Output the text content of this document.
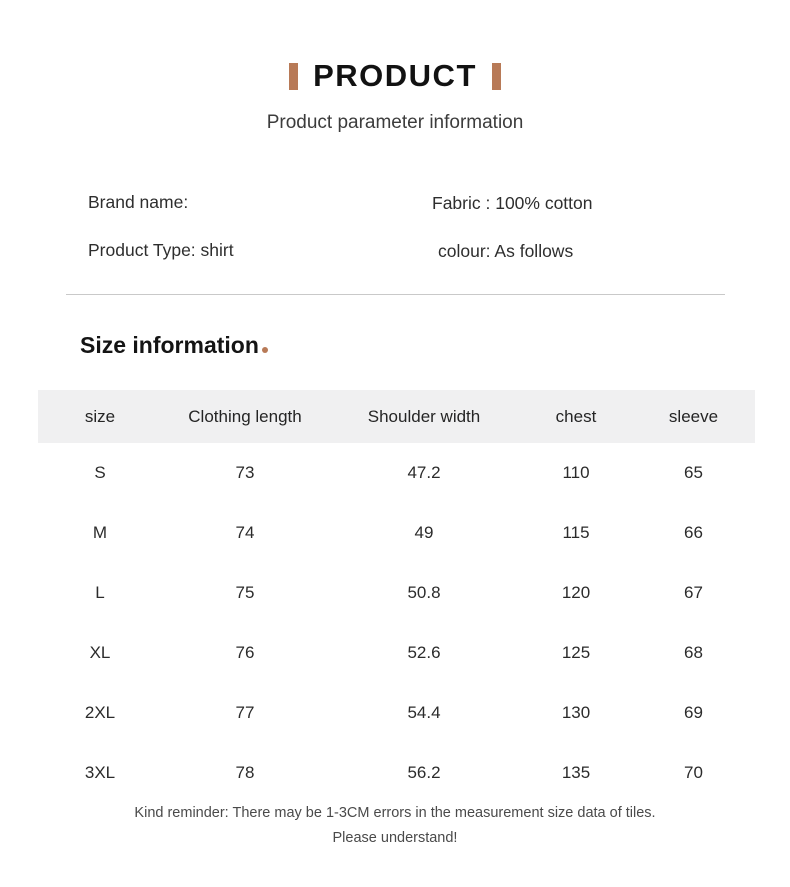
PRODUCT
Product parameter information
Brand name:	Fabric : 100% cotton
Product Type: shirt	colour: As follows
Size information
size	Clothing length	Shoulder width	chest	sleeve
S	73	47.2	110	65
M	74	49	115	66
L	75	50.8	120	67
XL	76	52.6	125	68
2XL	77	54.4	130	69
3XL	78	56.2	135	70
Kind reminder: There may be 1-3CM errors in the measurement size data of tiles. Please understand!
